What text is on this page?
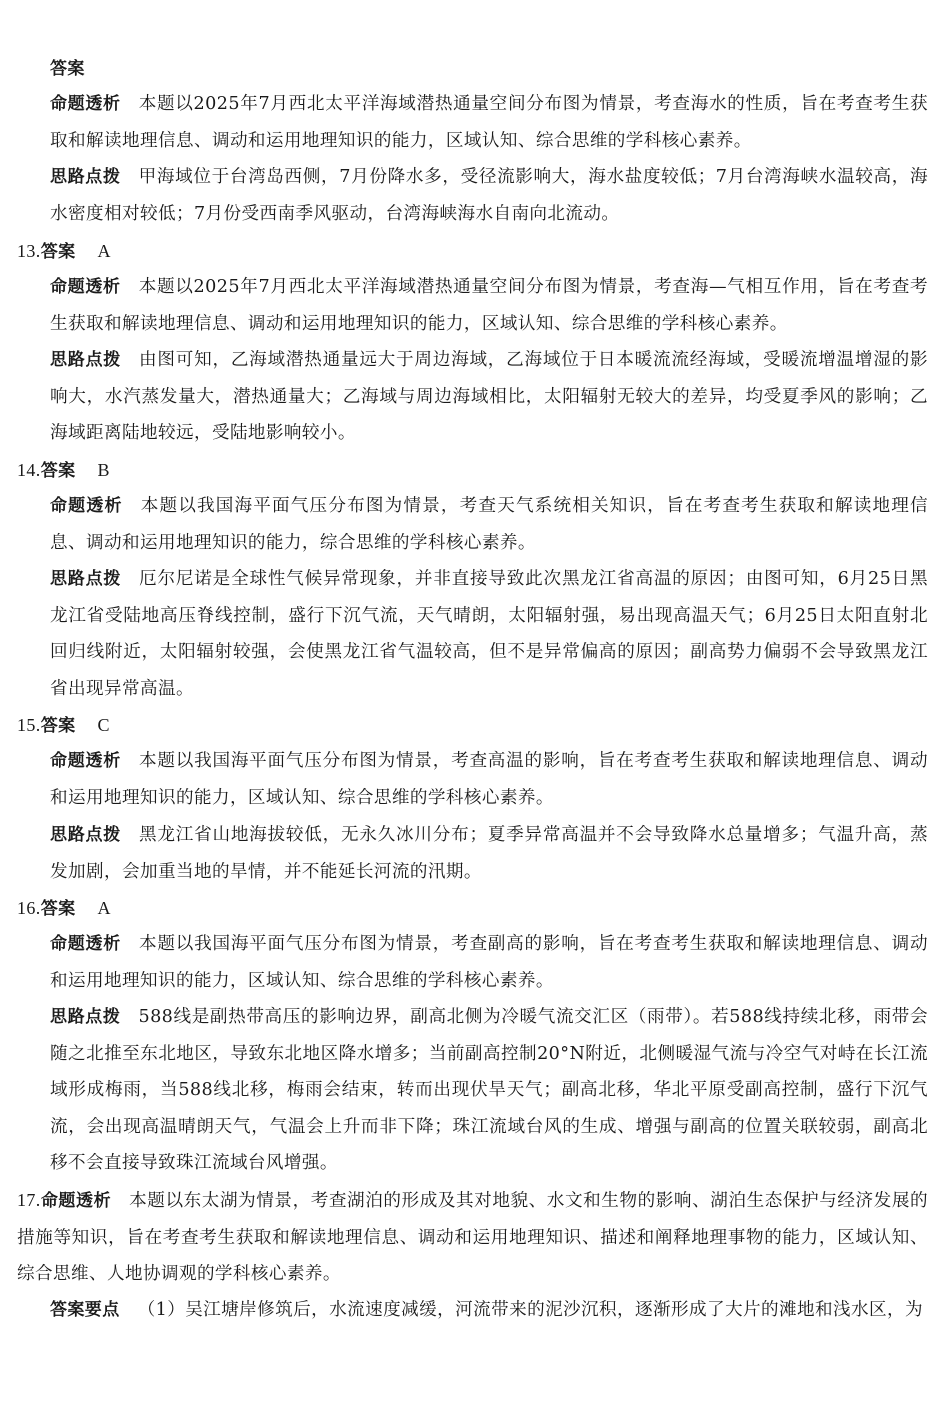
答案
命题透析 本题以2025年7月西北太平洋海域潜热通量空间分布图为情景，考查海水的性质，旨在考查考生获取和解读地理信息、调动和运用地理知识的能力，区域认知、综合思维的学科核心素养。
思路点拨 甲海域位于台湾岛西侧，7月份降水多，受径流影响大，海水盐度较低；7月台湾海峡水温较高，海水密度相对较低；7月份受西南季风驱动，台湾海峡海水自南向北流动。
13.答案 A
命题透析 本题以2025年7月西北太平洋海域潜热通量空间分布图为情景，考查海—气相互作用，旨在考查考生获取和解读地理信息、调动和运用地理知识的能力，区域认知、综合思维的学科核心素养。
思路点拨 由图可知，乙海域潜热通量远大于周边海域，乙海域位于日本暖流流经海域，受暖流增温增湿的影响大，水汽蒸发量大，潜热通量大；乙海域与周边海域相比，太阳辐射无较大的差异，均受夏季风的影响；乙海域距离陆地较远，受陆地影响较小。
14.答案 B
命题透析 本题以我国海平面气压分布图为情景，考查天气系统相关知识，旨在考查考生获取和解读地理信息、调动和运用地理知识的能力，综合思维的学科核心素养。
思路点拨 厄尔尼诺是全球性气候异常现象，并非直接导致此次黑龙江省高温的原因；由图可知，6月25日黑龙江省受陆地高压脊线控制，盛行下沉气流，天气晴朗，太阳辐射强，易出现高温天气；6月25日太阳直射北回归线附近，太阳辐射较强，会使黑龙江省气温较高，但不是异常偏高的原因；副高势力偏弱不会导致黑龙江省出现异常高温。
15.答案 C
命题透析 本题以我国海平面气压分布图为情景，考查高温的影响，旨在考查考生获取和解读地理信息、调动和运用地理知识的能力，区域认知、综合思维的学科核心素养。
思路点拨 黑龙江省山地海拔较低，无永久冰川分布；夏季异常高温并不会导致降水总量增多；气温升高，蒸发加剧，会加重当地的旱情，并不能延长河流的汛期。
16.答案 A
命题透析 本题以我国海平面气压分布图为情景，考查副高的影响，旨在考查考生获取和解读地理信息、调动和运用地理知识的能力，区域认知、综合思维的学科核心素养。
思路点拨 588线是副热带高压的影响边界，副高北侧为冷暖气流交汇区（雨带）。若588线持续北移，雨带会随之北推至东北地区，导致东北地区降水增多；当前副高控制20°N附近，北侧暖湿气流与冷空气对峙在长江流域形成梅雨，当588线北移，梅雨会结束，转而出现伏旱天气；副高北移，华北平原受副高控制，盛行下沉气流，会出现高温晴朗天气，气温会上升而非下降；珠江流域台风的生成、增强与副高的位置关联较弱，副高北移不会直接导致珠江流域台风增强。
17.命题透析 本题以东太湖为情景，考查湖泊的形成及其对地貌、水文和生物的影响、湖泊生态保护与经济发展的措施等知识，旨在考查考生获取和解读地理信息、调动和运用地理知识、描述和阐释地理事物的能力，区域认知、综合思维、人地协调观的学科核心素养。
答案要点 （1）吴江塘岸修筑后，水流速度减缓，河流带来的泥沙沉积，逐渐形成了大片的滩地和浅水区，为
